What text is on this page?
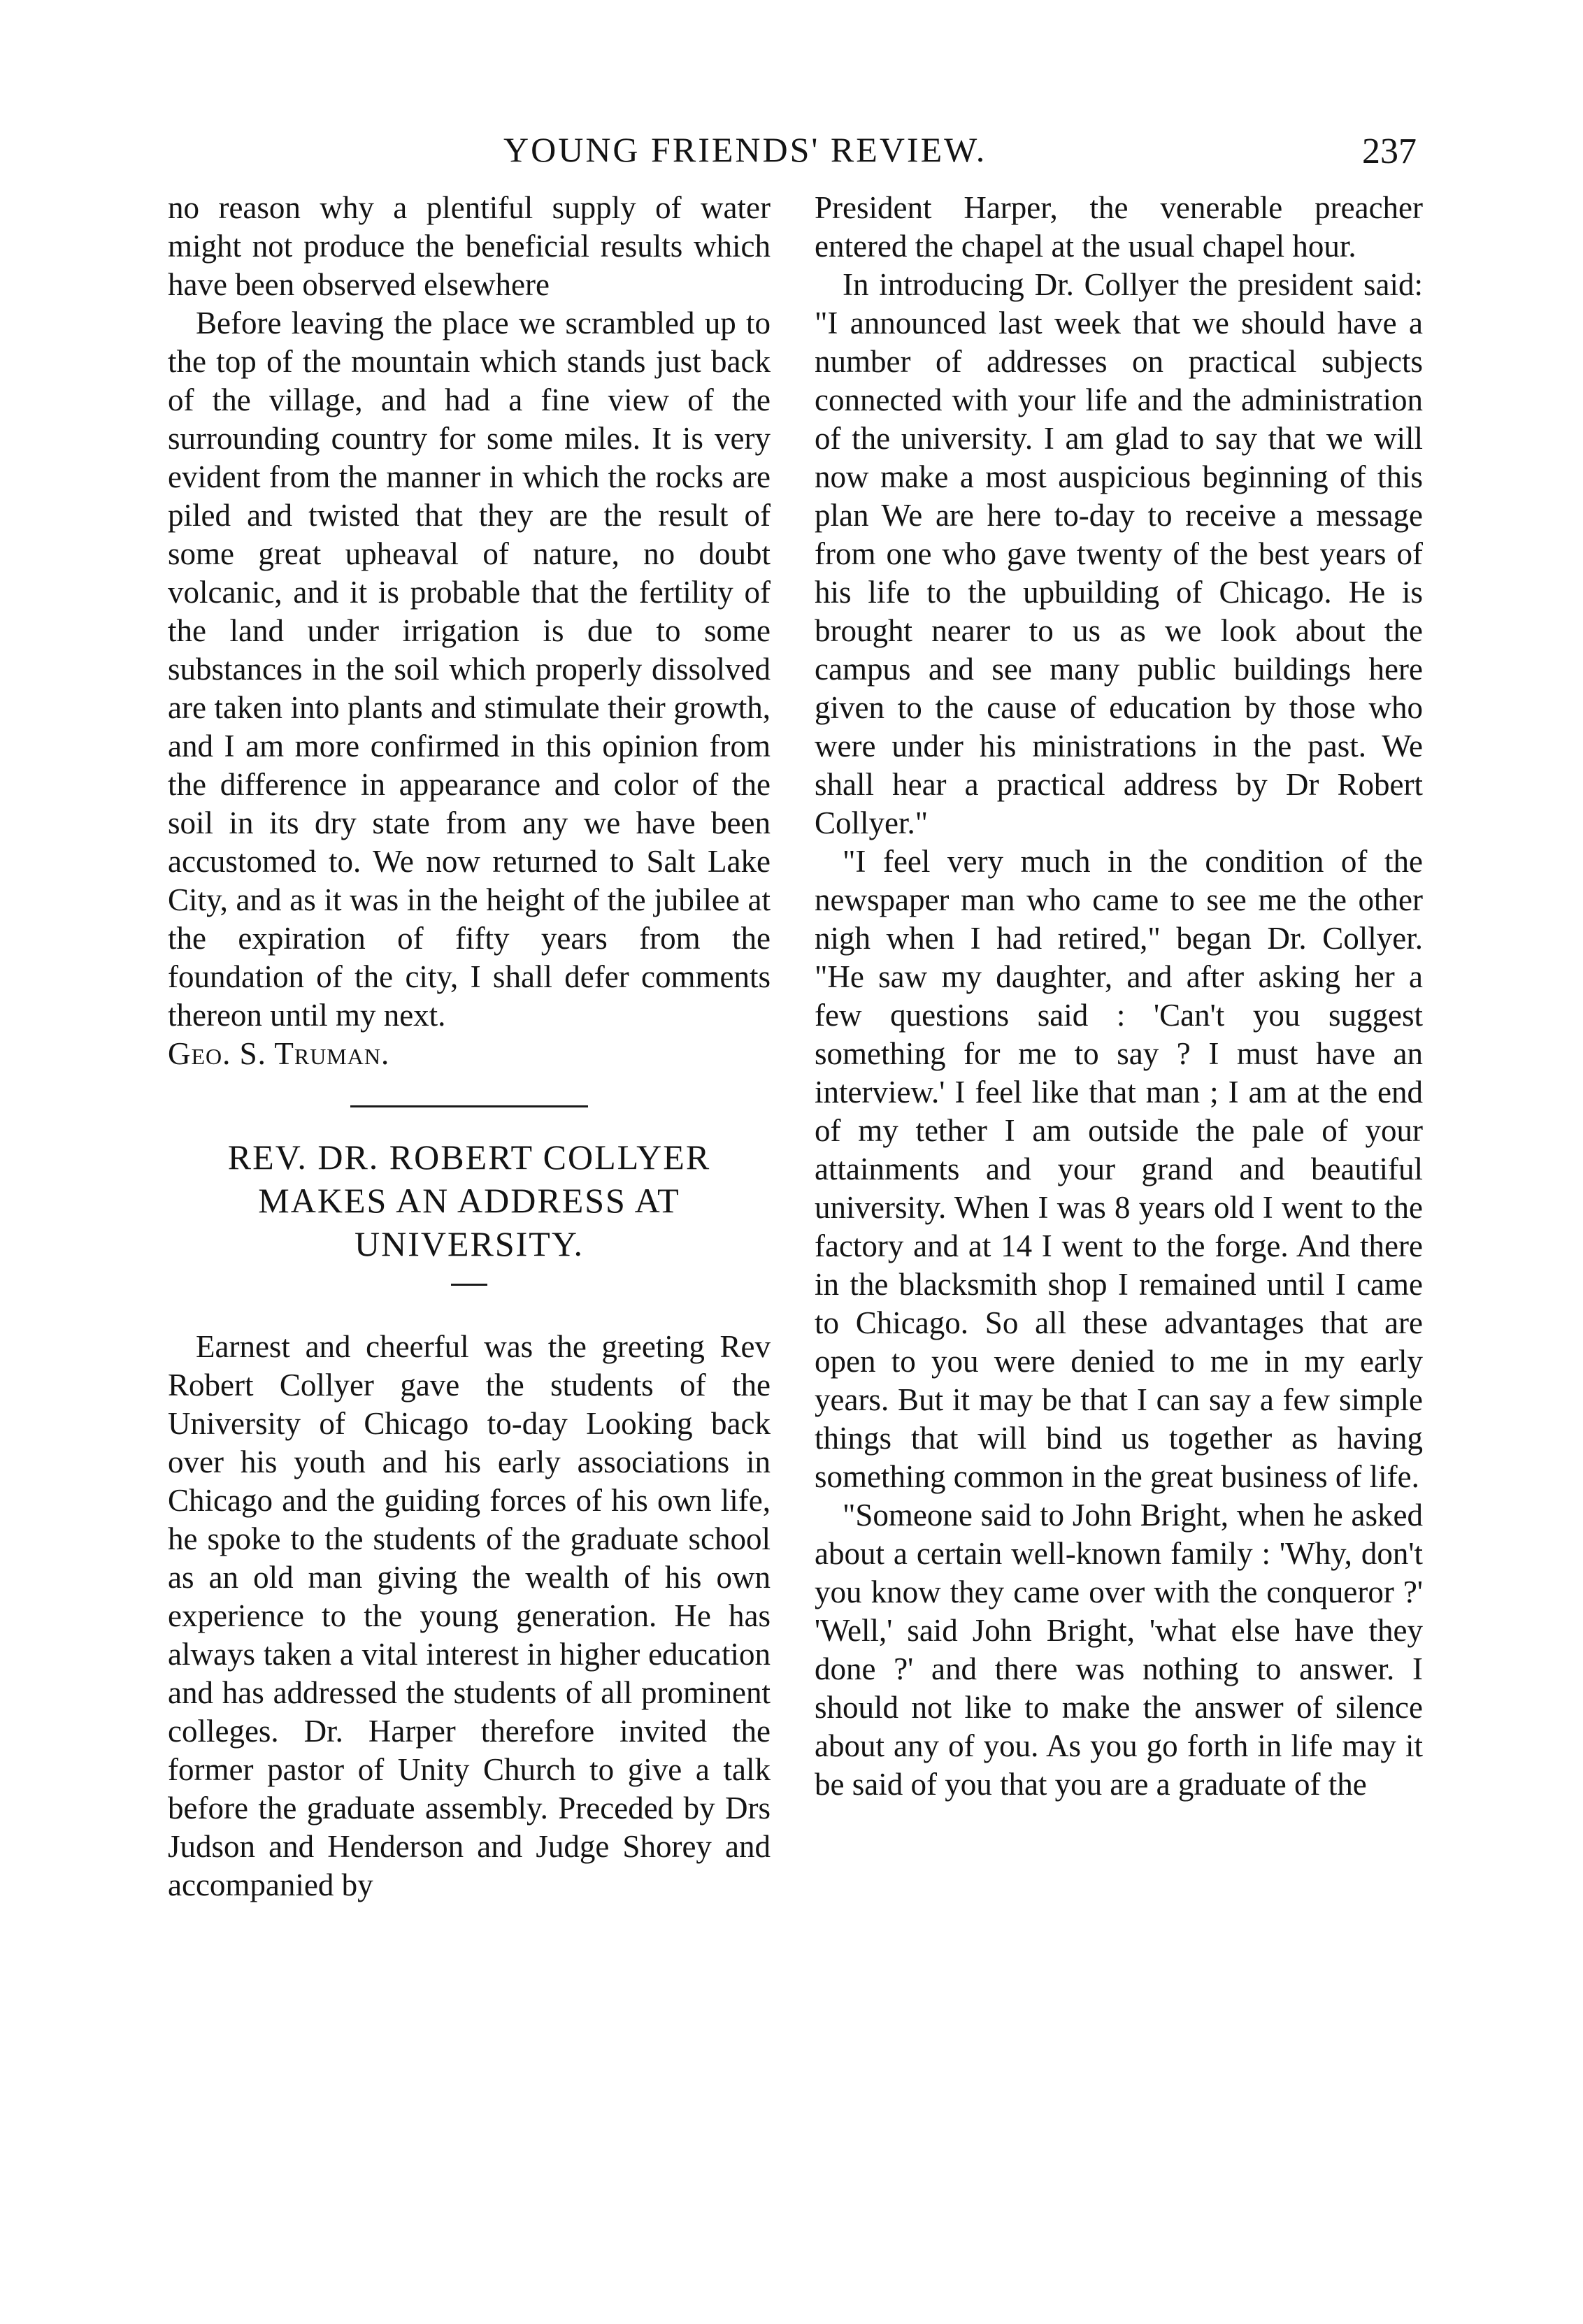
YOUNG FRIENDS' REVIEW.	237

no reason why a plentiful supply of water might not produce the beneficial results which have been observed elsewhere

Before leaving the place we scrambled up to the top of the mountain which stands just back of the village, and had a fine view of the surrounding country for some miles. It is very evident from the manner in which the rocks are piled and twisted that they are the result of some great upheaval of nature, no doubt volcanic, and it is probable that the fertility of the land under irrigation is due to some substances in the soil which properly dissolved are taken into plants and stimulate their growth, and I am more confirmed in this opinion from the difference in appearance and color of the soil in its dry state from any we have been accustomed to. We now returned to Salt Lake City, and as it was in the height of the jubilee at the expiration of fifty years from the foundation of the city, I shall defer comments thereon until my next.

Geo. S. Truman.

REV. DR. ROBERT COLLYER
MAKES AN ADDRESS AT
UNIVERSITY.

Earnest and cheerful was the greeting Rev Robert Collyer gave the students of the University of Chicago to-day Looking back over his youth and his early associations in Chicago and the guiding forces of his own life, he spoke to the students of the graduate school as an old man giving the wealth of his own experience to the young generation. He has always taken a vital interest in higher education and has addressed the students of all prominent colleges. Dr. Harper therefore invited the former pastor of Unity Church to give a talk before the graduate assembly. Preceded by Drs Judson and Henderson and Judge Shorey and accompanied by

President Harper, the venerable preacher entered the chapel at the usual chapel hour.

In introducing Dr. Collyer the president said: "I announced last week that we should have a number of addresses on practical subjects connected with your life and the administration of the university. I am glad to say that we will now make a most auspicious beginning of this plan We are here to-day to receive a message from one who gave twenty of the best years of his life to the upbuilding of Chicago. He is brought nearer to us as we look about the campus and see many public buildings here given to the cause of education by those who were under his ministrations in the past. We shall hear a practical address by Dr Robert Collyer."

"I feel very much in the condition of the newspaper man who came to see me the other nigh when I had retired," began Dr. Collyer. "He saw my daughter, and after asking her a few questions said : 'Can't you suggest something for me to say ? I must have an interview.' I feel like that man ; I am at the end of my tether I am outside the pale of your attainments and your grand and beautiful university. When I was 8 years old I went to the factory and at 14 I went to the forge. And there in the blacksmith shop I remained until I came to Chicago. So all these advantages that are open to you were denied to me in my early years. But it may be that I can say a few simple things that will bind us together as having something common in the great business of life.

"Someone said to John Bright, when he asked about a certain well-known family : 'Why, don't you know they came over with the conqueror ?' 'Well,' said John Bright, 'what else have they done ?' and there was nothing to answer. I should not like to make the answer of silence about any of you. As you go forth in life may it be said of you that you are a graduate of the
